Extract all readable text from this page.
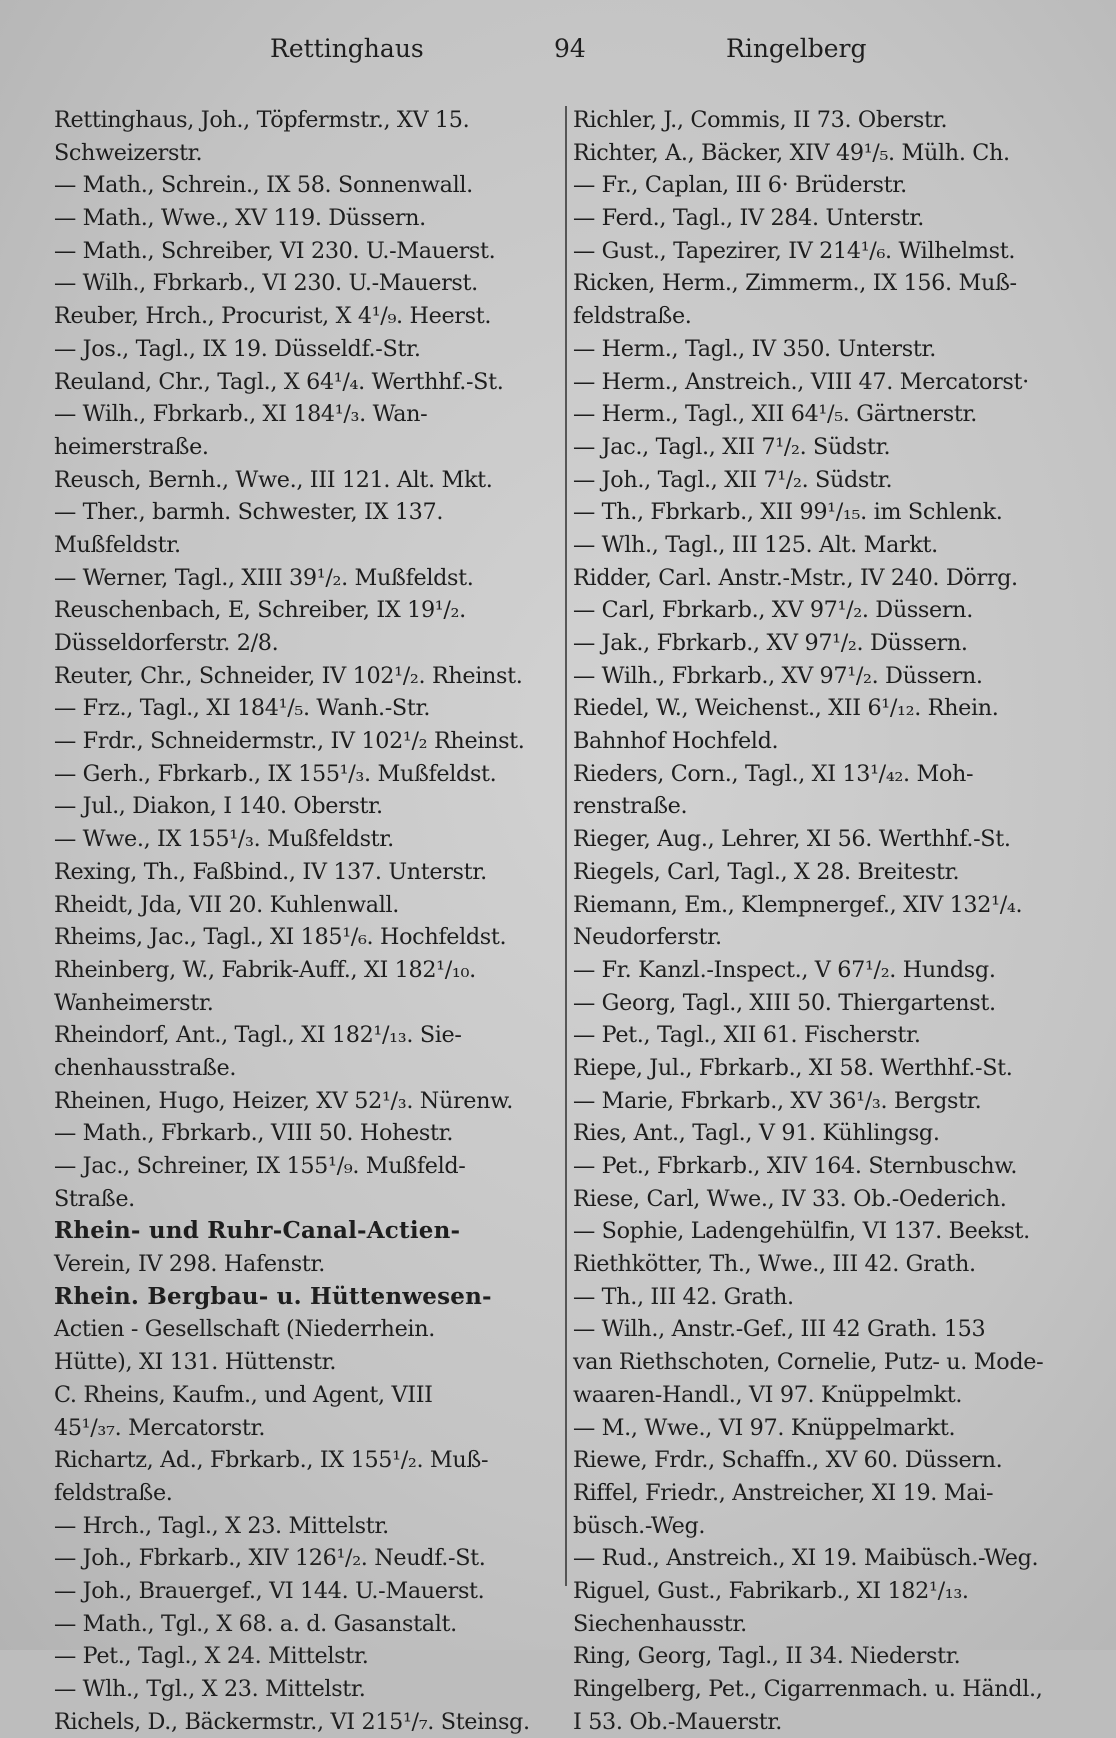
Rettinghaus	94	Ringelberg
Rettinghaus, Joh., Töpfermstr., XV 15.
Schweizerstr.
— Math., Schrein., IX 58. Sonnenwall.
— Math., Wwe., XV 119. Düssern.
— Math., Schreiber, VI 230. U.-Mauerst.
— Wilh., Fbrkarb., VI 230. U.-Mauerst.
Reuber, Hrch., Procurist, X 4¹/₉. Heerst.
— Jos., Tagl., IX 19. Düsseldf.-Str.
Reuland, Chr., Tagl., X 64¹/₄. Werthhf.-St.
— Wilh., Fbrkarb., XI 184¹/₃. Wan-
heimerstraße.
Reusch, Bernh., Wwe., III 121. Alt. Mkt.
— Ther., barmh. Schwester, IX 137.
Mußfeldstr.
— Werner, Tagl., XIII 39¹/₂. Mußfeldst.
Reuschenbach, E, Schreiber, IX 19¹/₂.
Düsseldorferstr. 2/8.
Reuter, Chr., Schneider, IV 102¹/₂. Rheinst.
— Frz., Tagl., XI 184¹/₅. Wanh.-Str.
— Frdr., Schneidermstr., IV 102¹/₂ Rheinst.
— Gerh., Fbrkarb., IX 155¹/₃. Mußfeldst.
— Jul., Diakon, I 140. Oberstr.
— Wwe., IX 155¹/₃. Mußfeldstr.
Rexing, Th., Faßbind., IV 137. Unterstr.
Rheidt, Jda, VII 20. Kuhlenwall.
Rheims, Jac., Tagl., XI 185¹/₆. Hochfeldst.
Rheinberg, W., Fabrik-Auff., XI 182¹/₁₀.
Wanheimerstr.
Rheindorf, Ant., Tagl., XI 182¹/₁₃. Sie-
chenhausstraße.
Rheinen, Hugo, Heizer, XV 52¹/₃. Nürenw.
— Math., Fbrkarb., VIII 50. Hohestr.
— Jac., Schreiner, IX 155¹/₉. Mußfeld-
Straße.
Rhein- und Ruhr-Canal-Actien-
Verein, IV 298. Hafenstr.
Rhein. Bergbau- u. Hüttenwesen-
Actien - Gesellschaft (Niederrhein.
Hütte), XI 131. Hüttenstr.
C. Rheins, Kaufm., und Agent, VIII
45¹/₃₇. Mercatorstr.
Richartz, Ad., Fbrkarb., IX 155¹/₂. Muß-
feldstraße.
— Hrch., Tagl., X 23. Mittelstr.
— Joh., Fbrkarb., XIV 126¹/₂. Neudf.-St.
— Joh., Brauergef., VI 144. U.-Mauerst.
— Math., Tgl., X 68. a. d. Gasanstalt.
— Pet., Tagl., X 24. Mittelstr.
— Wlh., Tgl., X 23. Mittelstr.
Richels, D., Bäckermstr., VI 215¹/₇. Steinsg.
Richler, J., Commis, II 73. Oberstr.
Richter, A., Bäcker, XIV 49¹/₅. Mülh. Ch.
— Fr., Caplan, III 6· Brüderstr.
— Ferd., Tagl., IV 284. Unterstr.
— Gust., Tapezirer, IV 214¹/₆. Wilhelmst.
Ricken, Herm., Zimmerm., IX 156. Muß-
feldstraße.
— Herm., Tagl., IV 350. Unterstr.
— Herm., Anstreich., VIII 47. Mercatorst·
— Herm., Tagl., XII 64¹/₅. Gärtnerstr.
— Jac., Tagl., XII 7¹/₂. Südstr.
— Joh., Tagl., XII 7¹/₂. Südstr.
— Th., Fbrkarb., XII 99¹/₁₅. im Schlenk.
— Wlh., Tagl., III 125. Alt. Markt.
Ridder, Carl. Anstr.-Mstr., IV 240. Dörrg.
— Carl, Fbrkarb., XV 97¹/₂. Düssern.
— Jak., Fbrkarb., XV 97¹/₂. Düssern.
— Wilh., Fbrkarb., XV 97¹/₂. Düssern.
Riedel, W., Weichenst., XII 6¹/₁₂. Rhein.
Bahnhof Hochfeld.
Rieders, Corn., Tagl., XI 13¹/₄₂. Moh-
renstraße.
Rieger, Aug., Lehrer, XI 56. Werthhf.-St.
Riegels, Carl, Tagl., X 28. Breitestr.
Riemann, Em., Klempnergef., XIV 132¹/₄.
Neudorferstr.
— Fr. Kanzl.-Inspect., V 67¹/₂. Hundsg.
— Georg, Tagl., XIII 50. Thiergartenst.
— Pet., Tagl., XII 61. Fischerstr.
Riepe, Jul., Fbrkarb., XI 58. Werthhf.-St.
— Marie, Fbrkarb., XV 36¹/₃. Bergstr.
Ries, Ant., Tagl., V 91. Kühlingsg.
— Pet., Fbrkarb., XIV 164. Sternbuschw.
Riese, Carl, Wwe., IV 33. Ob.-Oederich.
— Sophie, Ladengehülfin, VI 137. Beekst.
Riethkötter, Th., Wwe., III 42. Grath.
— Th., III 42. Grath.
— Wilh., Anstr.-Gef., III 42 Grath. 153
van Riethschoten, Cornelie, Putz- u. Mode-
waaren-Handl., VI 97. Knüppelmkt.
— M., Wwe., VI 97. Knüppelmarkt.
Riewe, Frdr., Schaffn., XV 60. Düssern.
Riffel, Friedr., Anstreicher, XI 19. Mai-
büsch.-Weg.
— Rud., Anstreich., XI 19. Maibüsch.-Weg.
Riguel, Gust., Fabrikarb., XI 182¹/₁₃.
Siechenhausstr.
Ring, Georg, Tagl., II 34. Niederstr.
Ringelberg, Pet., Cigarrenmach. u. Händl.,
I 53. Ob.-Mauerstr.
